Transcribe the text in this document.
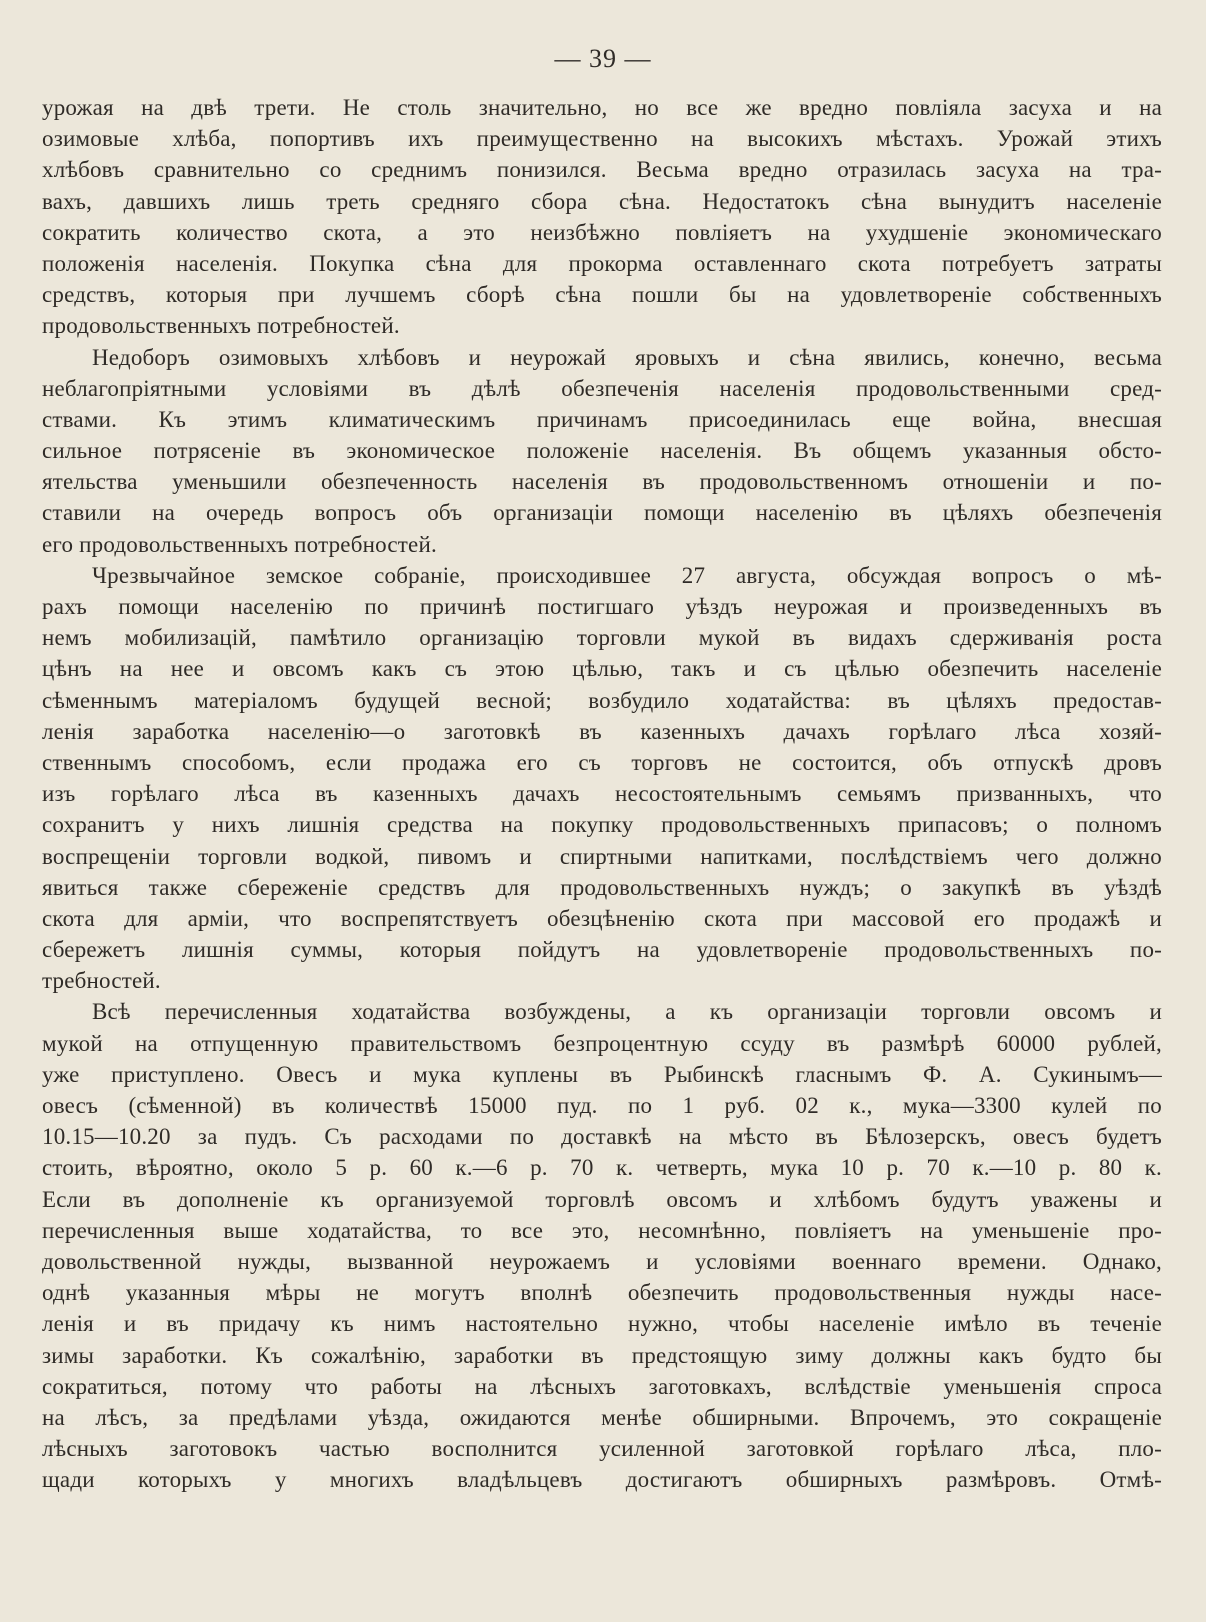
— 39 —
урожая на двѣ трети. Не столь значительно, но все же вредно повліяла засуха и на
озимовые хлѣба, попортивъ ихъ преимущественно на высокихъ мѣстахъ. Урожай этихъ
хлѣбовъ сравнительно со среднимъ понизился. Весьма вредно отразилась засуха на тра-
вахъ, давшихъ лишь треть средняго сбора сѣна. Недостатокъ сѣна вынудитъ населеніе
сократить количество скота, а это неизбѣжно повліяетъ на ухудшеніе экономическаго
положенія населенія. Покупка сѣна для прокорма оставленнаго скота потребуетъ затраты
средствъ, которыя при лучшемъ сборѣ сѣна пошли бы на удовлетвореніе собственныхъ
продовольственныхъ потребностей.
Недоборъ озимовыхъ хлѣбовъ и неурожай яровыхъ и сѣна явились, конечно, весьма
неблагопріятными условіями въ дѣлѣ обезпеченія населенія продовольственными сред-
ствами. Къ этимъ климатическимъ причинамъ присоединилась еще война, внесшая
сильное потрясеніе въ экономическое положеніе населенія. Въ общемъ указанныя обсто-
ятельства уменьшили обезпеченность населенія въ продовольственномъ отношеніи и по-
ставили на очередь вопросъ объ организаціи помощи населенію въ цѣляхъ обезпеченія
его продовольственныхъ потребностей.
Чрезвычайное земское собраніе, происходившее 27 августа, обсуждая вопросъ о мѣ-
рахъ помощи населенію по причинѣ постигшаго уѣздъ неурожая и произведенныхъ въ
немъ мобилизацій, памѣтило организацію торговли мукой въ видахъ сдерживанія роста
цѣнъ на нее и овсомъ какъ съ этою цѣлью, такъ и съ цѣлью обезпечить населеніе
сѣменнымъ матеріаломъ будущей весной; возбудило ходатайства: въ цѣляхъ предостав-
ленія заработка населенію—о заготовкѣ въ казенныхъ дачахъ горѣлаго лѣса хозяй-
ственнымъ способомъ, если продажа его съ торговъ не состоится, объ отпускѣ дровъ
изъ горѣлаго лѣса въ казенныхъ дачахъ несостоятельнымъ семьямъ призванныхъ, что
сохранитъ у нихъ лишнія средства на покупку продовольственныхъ припасовъ; о полномъ
воспрещеніи торговли водкой, пивомъ и спиртными напитками, послѣдствіемъ чего должно
явиться также сбереженіе средствъ для продовольственныхъ нуждъ; о закупкѣ въ уѣздѣ
скота для арміи, что воспрепятствуетъ обезцѣненію скота при массовой его продажѣ и
сбережетъ лишнія суммы, которыя пойдутъ на удовлетвореніе продовольственныхъ по-
требностей.
Всѣ перечисленныя ходатайства возбуждены, а къ организаціи торговли овсомъ и
мукой на отпущенную правительствомъ безпроцентную ссуду въ размѣрѣ 60000 рублей,
уже приступлено. Овесъ и мука куплены въ Рыбинскѣ гласнымъ Ф. А. Сукинымъ—
овесъ (сѣменной) въ количествѣ 15000 пуд. по 1 руб. 02 к., мука—3300 кулей по
10.15—10.20 за пудъ. Съ расходами по доставкѣ на мѣсто въ Бѣлозерскъ, овесъ будетъ
стоить, вѣроятно, около 5 р. 60 к.—6 р. 70 к. четверть, мука 10 р. 70 к.—10 р. 80 к.
Если въ дополненіе къ организуемой торговлѣ овсомъ и хлѣбомъ будутъ уважены и
перечисленныя выше ходатайства, то все это, несомнѣнно, повліяетъ на уменьшеніе про-
довольственной нужды, вызванной неурожаемъ и условіями военнаго времени. Однако,
однѣ указанныя мѣры не могутъ вполнѣ обезпечить продовольственныя нужды насе-
ленія и въ придачу къ нимъ настоятельно нужно, чтобы населеніе имѣло въ теченіе
зимы заработки. Къ сожалѣнію, заработки въ предстоящую зиму должны какъ будто бы
сократиться, потому что работы на лѣсныхъ заготовкахъ, вслѣдствіе уменьшенія спроса
на лѣсъ, за предѣлами уѣзда, ожидаются менѣе обширными. Впрочемъ, это сокращеніе
лѣсныхъ заготовокъ частью восполнится усиленной заготовкой горѣлаго лѣса, пло-
щади которыхъ у многихъ владѣльцевъ достигаютъ обширныхъ размѣровъ. Отмѣ-
